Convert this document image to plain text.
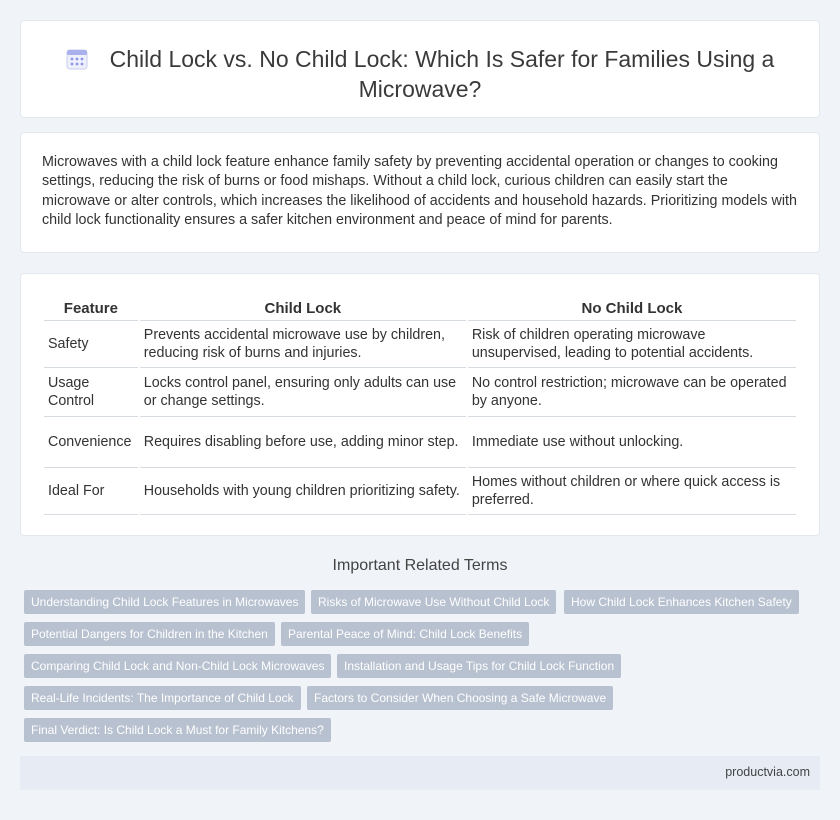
Child Lock vs. No Child Lock: Which Is Safer for Families Using a Microwave?

Microwaves with a child lock feature enhance family safety by preventing accidental operation or changes to cooking settings, reducing the risk of burns or food mishaps. Without a child lock, curious children can easily start the microwave or alter controls, which increases the likelihood of accidents and household hazards. Prioritizing models with child lock functionality ensures a safer kitchen environment and peace of mind for parents.

Feature	Child Lock	No Child Lock
Safety	Prevents accidental microwave use by children, reducing risk of burns and injuries.	Risk of children operating microwave unsupervised, leading to potential accidents.
Usage Control	Locks control panel, ensuring only adults can use or change settings.	No control restriction; microwave can be operated by anyone.
Convenience	Requires disabling before use, adding minor step.	Immediate use without unlocking.
Ideal For	Households with young children prioritizing safety.	Homes without children or where quick access is preferred.
Important Related Terms
Understanding Child Lock Features in Microwaves	Risks of Microwave Use Without Child Lock	How Child Lock Enhances Kitchen Safety
Potential Dangers for Children in the Kitchen	Parental Peace of Mind: Child Lock Benefits
Comparing Child Lock and Non-Child Lock Microwaves	Installation and Usage Tips for Child Lock Function
Real-Life Incidents: The Importance of Child Lock	Factors to Consider When Choosing a Safe Microwave
Final Verdict: Is Child Lock a Must for Family Kitchens?
productvia.com
